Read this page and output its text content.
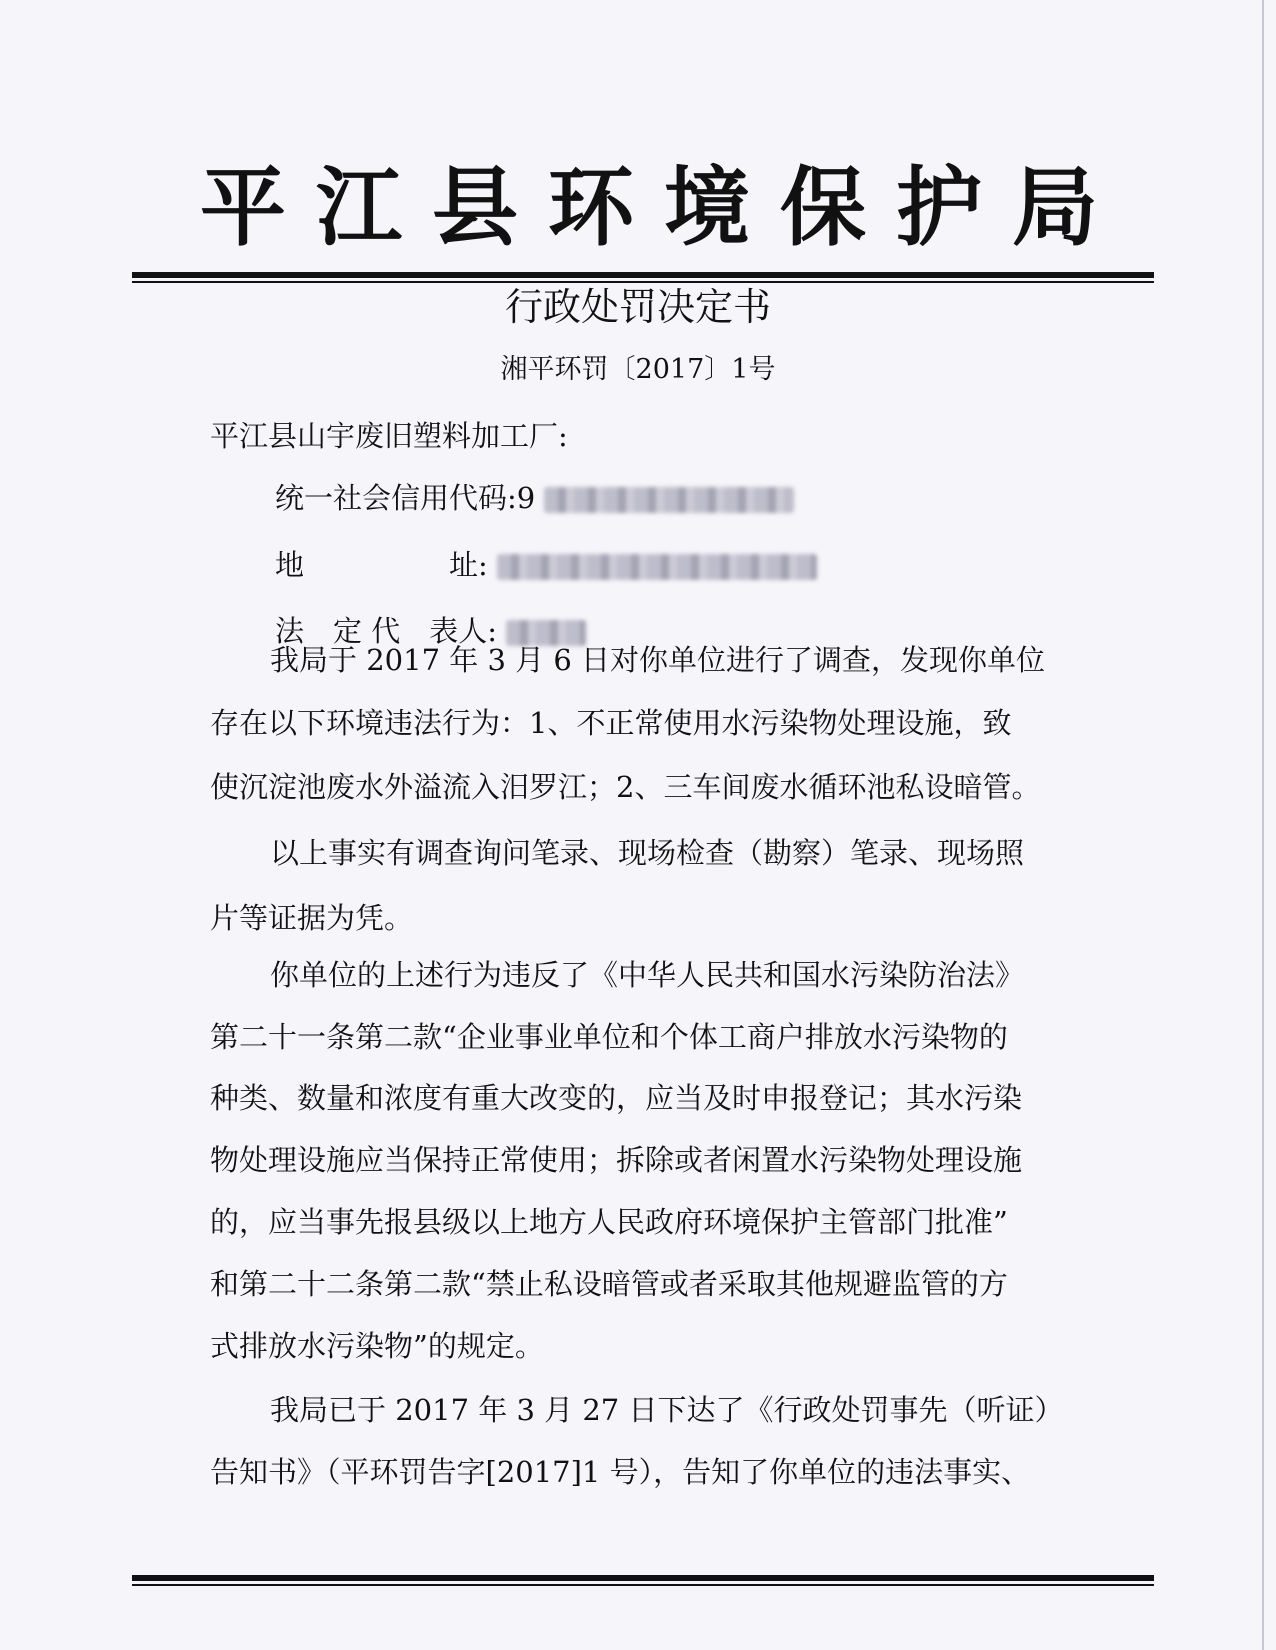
平江县环境保护局
行政处罚决定书
湘平环罚〔2017〕1号
平江县山宇废旧塑料加工厂:
统一社会信用代码:9
地　　　　　址:
法　定 代　表人:
我局于 2017 年 3 月 6 日对你单位进行了调查，发现你单位
存在以下环境违法行为：1、不正常使用水污染物处理设施，致
使沉淀池废水外溢流入汨罗江；2、三车间废水循环池私设暗管。
以上事实有调查询问笔录、现场检查（勘察）笔录、现场照
片等证据为凭。
你单位的上述行为违反了《中华人民共和国水污染防治法》
第二十一条第二款“企业事业单位和个体工商户排放水污染物的
种类、数量和浓度有重大改变的，应当及时申报登记；其水污染
物处理设施应当保持正常使用；拆除或者闲置水污染物处理设施
的，应当事先报县级以上地方人民政府环境保护主管部门批准”
和第二十二条第二款“禁止私设暗管或者采取其他规避监管的方
式排放水污染物”的规定。
我局已于 2017 年 3 月 27 日下达了《行政处罚事先（听证）
告知书》（平环罚告字[2017]1 号），告知了你单位的违法事实、
